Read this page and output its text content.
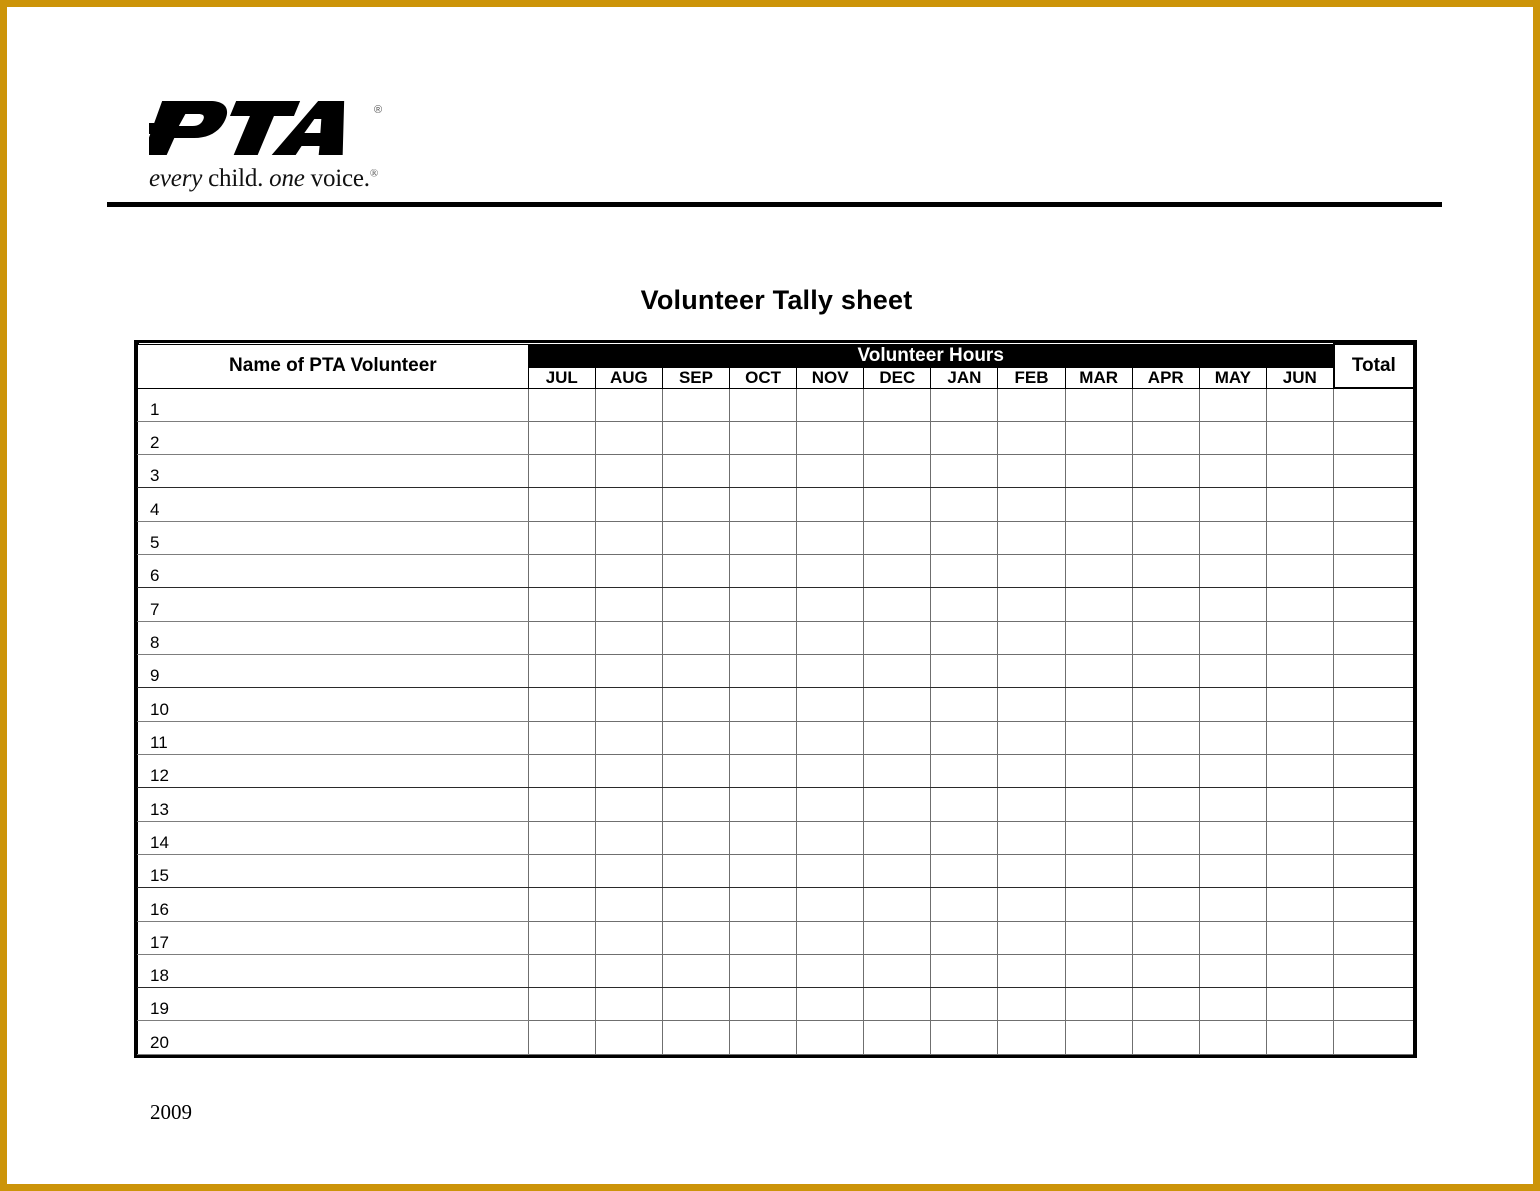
®
every child. one voice.®
Volunteer Tally sheet
Name of PTA Volunteer	Volunteer Hours												Total
	JUL	AUG	SEP	OCT	NOV	DEC	JAN	FEB	MAR	APR	MAY	JUN	
1													
2													
3													
4													
5													
6													
7													
8													
9													
10													
11													
12													
13													
14													
15													
16													
17													
18													
19													
20													
2009
